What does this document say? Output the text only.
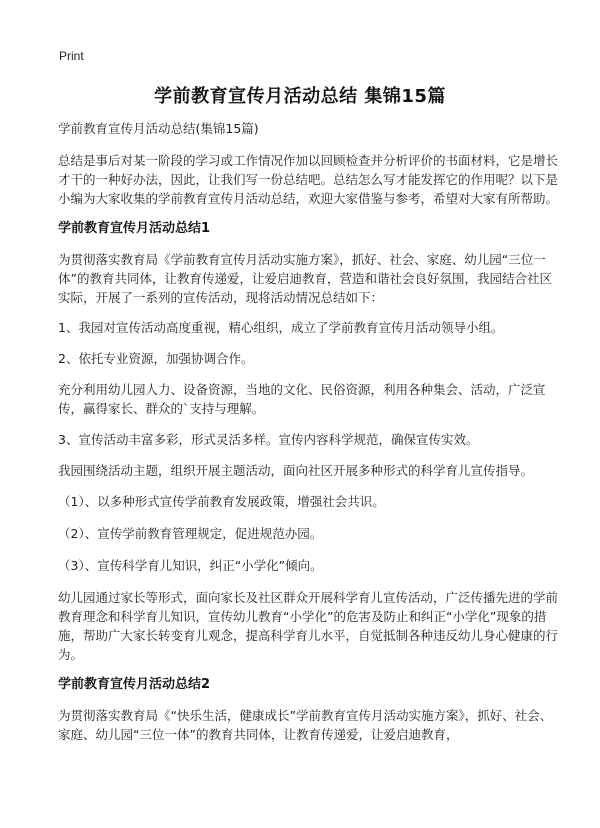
Print
学前教育宣传月活动总结 集锦15篇

学前教育宣传月活动总结(集锦15篇)

总结是事后对某一阶段的学习或工作情况作加以回顾检查并分析评价的书面材料，它是增长才干的一种好办法，因此，让我们写一份总结吧。总结怎么写才能发挥它的作用呢？以下是小编为大家收集的学前教育宣传月活动总结，欢迎大家借鉴与参考，希望对大家有所帮助。

学前教育宣传月活动总结1

为贯彻落实教育局《学前教育宣传月活动实施方案》，抓好、社会、家庭、幼儿园“三位一体”的教育共同体，让教育传递爱，让爱启迪教育，营造和谐社会良好氛围，我园结合社区实际，开展了一系列的宣传活动，现将活动情况总结如下：

1、我园对宣传活动高度重视，精心组织，成立了学前教育宣传月活动领导小组。

2、依托专业资源，加强协调合作。

充分利用幼儿园人力、设备资源，当地的文化、民俗资源，利用各种集会、活动，广泛宣传，赢得家长、群众的`支持与理解。

3、宣传活动丰富多彩，形式灵活多样。宣传内容科学规范，确保宣传实效。

我园围绕活动主题，组织开展主题活动，面向社区开展多种形式的科学育儿宣传指导。

（1）、以多种形式宣传学前教育发展政策，增强社会共识。

（2）、宣传学前教育管理规定，促进规范办园。

（3）、宣传科学育儿知识，纠正“小学化”倾向。

幼儿园通过家长等形式，面向家长及社区群众开展科学育儿宣传活动，广泛传播先进的学前教育理念和科学育儿知识，宣传幼儿教育“小学化”的危害及防止和纠正“小学化”现象的措施，帮助广大家长转变育儿观念，提高科学育儿水平，自觉抵制各种违反幼儿身心健康的行为。

学前教育宣传月活动总结2

为贯彻落实教育局《“快乐生活，健康成长”学前教育宣传月活动实施方案》，抓好、社会、家庭、幼儿园“三位一体”的教育共同体，让教育传递爱，让爱启迪教育，
